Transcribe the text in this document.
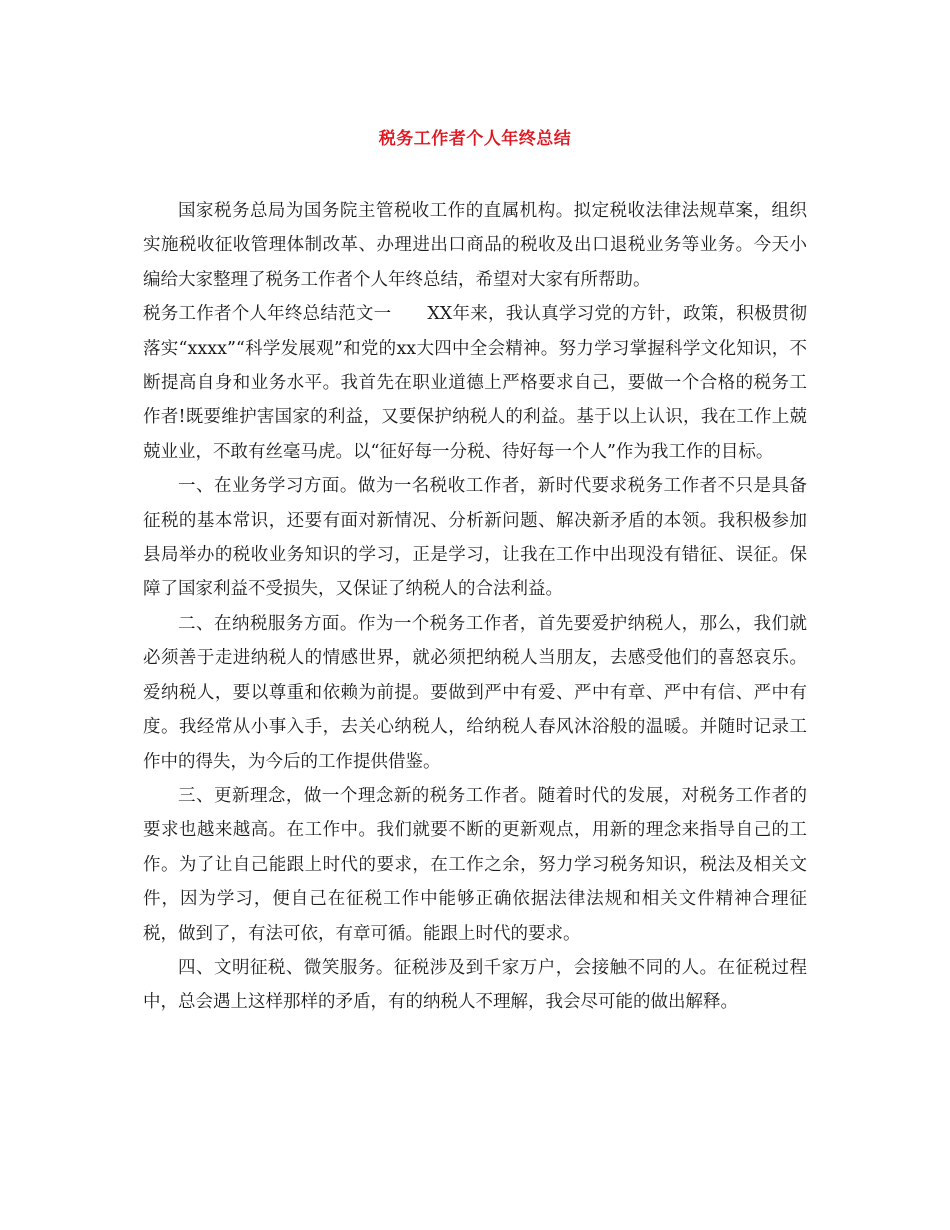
税务工作者个人年终总结

国家税务总局为国务院主管税收工作的直属机构。拟定税收法律法规草案，组织实施税收征收管理体制改革、办理进出口商品的税收及出口退税业务等业务。今天小编给大家整理了税务工作者个人年终总结，希望对大家有所帮助。

税务工作者个人年终总结范文一 XX年来，我认真学习党的方针，政策，积极贯彻落实“xxxx”“科学发展观”和党的xx大四中全会精神。努力学习掌握科学文化知识，不断提高自身和业务水平。我首先在职业道德上严格要求自己，要做一个合格的税务工作者!既要维护害国家的利益，又要保护纳税人的利益。基于以上认识，我在工作上兢兢业业，不敢有丝毫马虎。以“征好每一分税、待好每一个人”作为我工作的目标。

一、在业务学习方面。做为一名税收工作者，新时代要求税务工作者不只是具备征税的基本常识，还要有面对新情况、分析新问题、解决新矛盾的本领。我积极参加县局举办的税收业务知识的学习，正是学习，让我在工作中出现没有错征、误征。保障了国家利益不受损失，又保证了纳税人的合法利益。

二、在纳税服务方面。作为一个税务工作者，首先要爱护纳税人，那么，我们就必须善于走进纳税人的情感世界，就必须把纳税人当朋友，去感受他们的喜怒哀乐。爱纳税人，要以尊重和依赖为前提。要做到严中有爱、严中有章、严中有信、严中有度。我经常从小事入手，去关心纳税人，给纳税人春风沐浴般的温暖。并随时记录工作中的得失，为今后的工作提供借鉴。

三、更新理念，做一个理念新的税务工作者。随着时代的发展，对税务工作者的要求也越来越高。在工作中。我们就要不断的更新观点，用新的理念来指导自己的工作。为了让自己能跟上时代的要求，在工作之余，努力学习税务知识，税法及相关文件，因为学习，便自己在征税工作中能够正确依据法律法规和相关文件精神合理征税，做到了，有法可依，有章可循。能跟上时代的要求。

四、文明征税、微笑服务。征税涉及到千家万户，会接触不同的人。在征税过程中，总会遇上这样那样的矛盾，有的纳税人不理解，我会尽可能的做出解释。
